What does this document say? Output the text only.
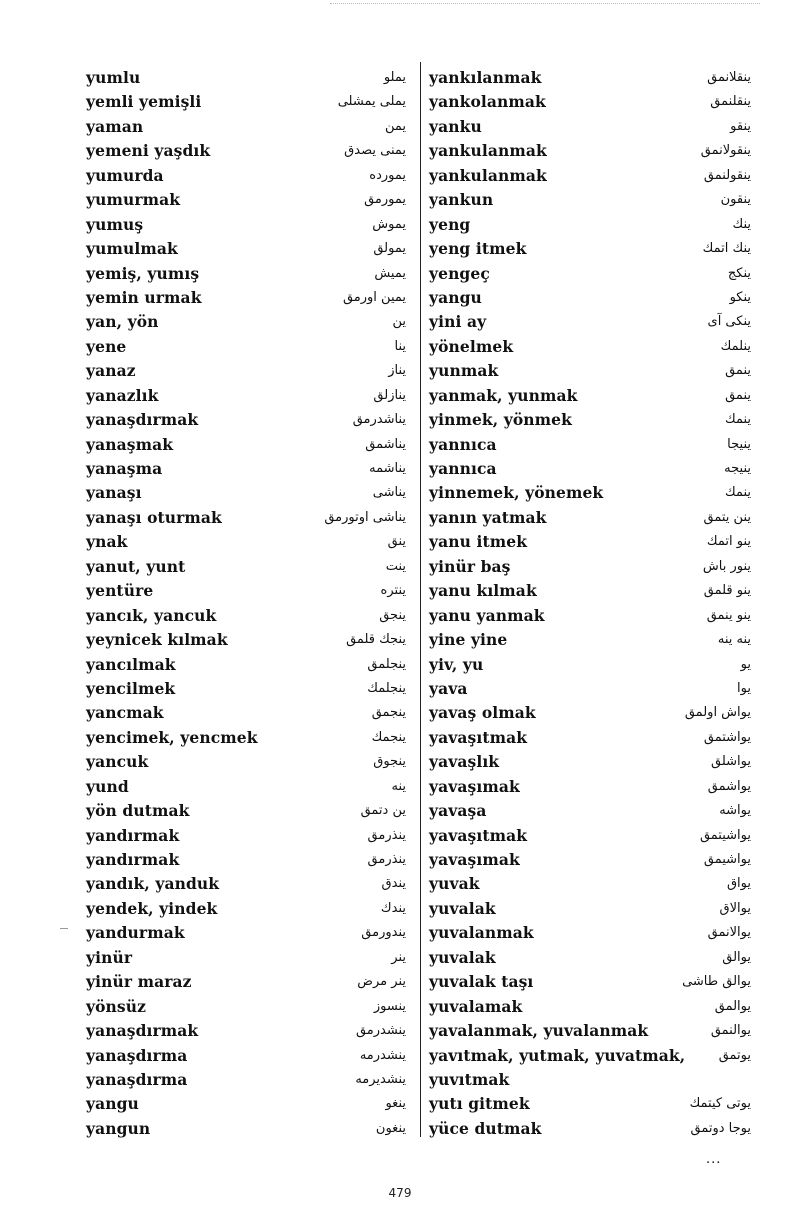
yumlu	یملو
yemli yemişli	یملی یمشلی
yaman	یمن
yemeni yaşdık	یمنی یصدق
yumurda	یمورده
yumurmak	یمورمق
yumuş	یموش
yumulmak	یمولق
yemiş, yumış	یمیش
yemin urmak	یمین اورمق
yan, yön	ین
yene	ینا
yanaz	يناز
yanazlık	ينازلق
yanaşdırmak	يناشدرمق
yanaşmak	يناشمق
yanaşma	يناشمه
yanaşı	يناشى
yanaşı oturmak	يناشى اوتورمق
ynak	ينق
yanut, yunt	ينت
yentüre	ينتره
yancık, yancuk	ينجق
yeynicek kılmak	ينجك قلمق
yancılmak	ينجلمق
yencilmek	ينجلمك
yancmak	ينجمق
yencimek, yencmek	ينجمك
yancuk	ينجوق
yund	ينه
yön dutmak	ين دتمق
yandırmak	ينذرمق
yandırmak	ينذرمق
yandık, yanduk	يندق
yendek, yindek	يندك
yandurmak	يندورمق
yinür	ينر
yinür maraz	ينر مرض
yönsüz	ينسوز
yanaşdırmak	ينشدرمق
yanaşdırma	ينشدرمه
yanaşdırma	ينشديرمه
yangu	ينغو
yangun	ينغون
yankılanmak	ينقلانمق
yankolanmak	ينقلنمق
yanku	ينقو
yankulanmak	ينقولانمق
yankulanmak	ينقولنمق
yankun	ينقون
yeng	ينك
yeng itmek	ينك اتمك
yengeç	ينكج
yangu	ينكو
yini ay	ينكى آى
yönelmek	ينلمك
yunmak	ينمق
yanmak, yunmak	ينمق
yinmek, yönmek	ينمك
yannıca	ينيجا
yannıca	ينيجه
yinnemek, yönemek	ينمك
yanın yatmak	ينن يتمق
yanu itmek	ينو اتمك
yinür baş	ينور باش
yanu kılmak	ينو قلمق
yanu yanmak	ينو ينمق
yine yine	ينه ينه
yiv, yu	يو
yava	يوا
yavaş olmak	يواش اولمق
yavaşıtmak	يواشتمق
yavaşlık	يواشلق
yavaşımak	يواشمق
yavaşa	يواشه
yavaşıtmak	يواشيتمق
yavaşımak	يواشيمق
yuvak	يواق
yuvalak	يوالاق
yuvalanmak	يوالانمق
yuvalak	يوالق
yuvalak taşı	يوالق طاشى
yuvalamak	يوالمق
yavalanmak, yuvalanmak	يوالنمق
yavıtmak, yutmak, yuvatmak,	يوتمق
yuvıtmak
yutı gitmek	يوتى كيتمك
yüce dutmak	يوجا دوتمق
...
479
